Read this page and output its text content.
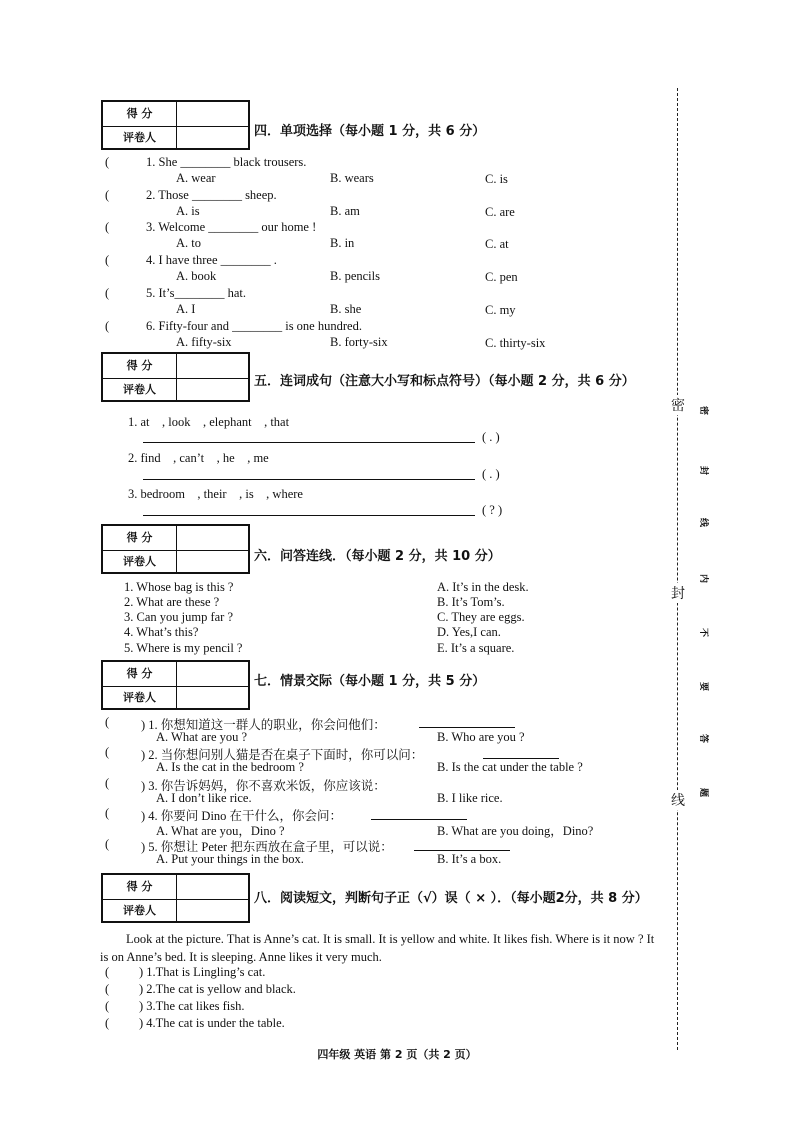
得 分
评卷人	四．单项选择（每小题 1 分，共 6 分）
(	1. She ________ black trousers.
A. wear	B. wears	C. is
(	2. Those ________ sheep.
A. is	B. am	C. are
(	3. Welcome ________ our home !
A. to	B. in	C. at
(	4. I have three ________ .
A. book	B. pencils	C. pen
(	5. It’s________ hat.
A. I	B. she	C. my
(	6. Fifty-four and ________ is one hundred.
A. fifty-six	B. forty-six	C. thirty-six
得 分
评卷人
五．连词成句（注意大小写和标点符号）（每小题 2 分，共 6 分）
1. at　, look　, elephant　, that
( . )
2. find　, can’t　, he　, me
( . )
3. bedroom　, their　, is　, where
( ? )
得 分
评卷人	六．问答连线．（每小题 2 分，共 10 分）
1. Whose bag is this ?
2. What are these ?
3. Can you jump far ?
4. What’s this?
5. Where is my pencil ?
A. It’s in the desk.
B. It’s Tom’s.
C. They are eggs.
D. Yes,I can.
E. It’s a square.
得 分
评卷人
七．情景交际（每小题 1 分，共 5 分）
(	) 1. 你想知道这一群人的职业，你会问他们：
A. What are you ?	B. Who are you ?
(	) 2. 当你想问别人猫是否在桌子下面时，你可以问：
A. Is the cat in the bedroom ?	B. Is the cat under the table ?
(	) 3. 你告诉妈妈，你不喜欢米饭，你应该说：
A. I don’t like rice.	B. I like rice.
(	) 4. 你要问 Dino 在干什么，你会问：
A. What are you，Dino ?	B. What are you doing，Dino?
(	) 5. 你想让 Peter 把东西放在盒子里，可以说：
A. Put your things in the box.	B. It’s a box.
得 分
评卷人
八．阅读短文，判断句子正（√）误（ × ）．（每小题2分，共 8 分）
Look at the picture. That is Anne’s cat. It is small. It is yellow and white. It likes fish. Where is it now ? It is on Anne’s bed. It is sleeping. Anne likes it very much.
( ) 1.That is Lingling’s cat.
( ) 2.The cat is yellow and black.
( ) 3.The cat likes fish.
( ) 4.The cat is under the table.
密
封
线
密
封
线
内
不
要
答
题
四年级 英语 第 2 页（共 2 页）
